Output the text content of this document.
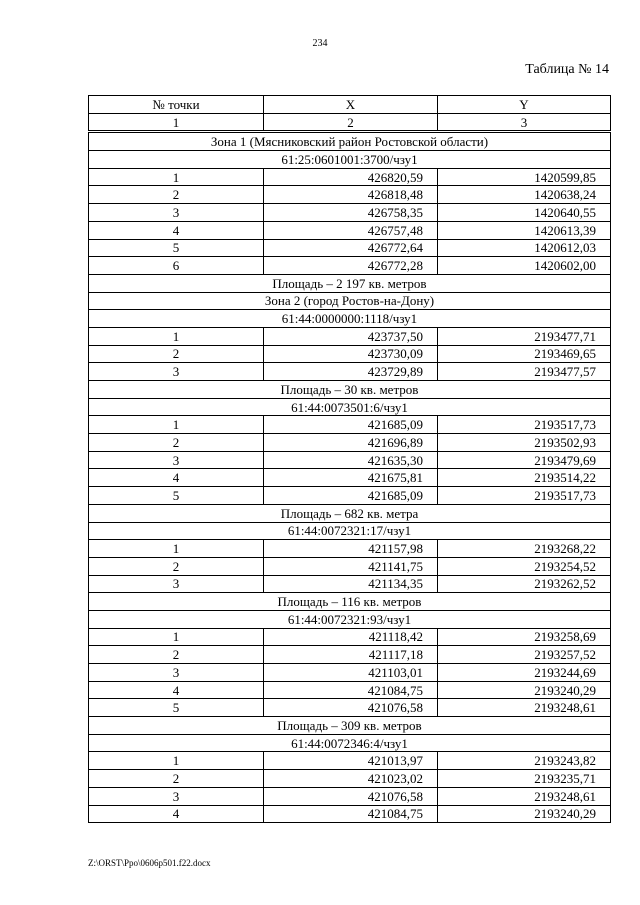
234
Таблица № 14
№ точки	X	Y
1	2	3
Зона 1 (Мясниковский район Ростовской области)		
61:25:0601001:3700/чзу1		
1	426820,59	1420599,85
2	426818,48	1420638,24
3	426758,35	1420640,55
4	426757,48	1420613,39
5	426772,64	1420612,03
6	426772,28	1420602,00
Площадь – 2 197 кв. метров		
Зона 2 (город Ростов-на-Дону)		
61:44:0000000:1118/чзу1		
1	423737,50	2193477,71
2	423730,09	2193469,65
3	423729,89	2193477,57
Площадь – 30 кв. метров		
61:44:0073501:6/чзу1		
1	421685,09	2193517,73
2	421696,89	2193502,93
3	421635,30	2193479,69
4	421675,81	2193514,22
5	421685,09	2193517,73
Площадь – 682 кв. метра		
61:44:0072321:17/чзу1		
1	421157,98	2193268,22
2	421141,75	2193254,52
3	421134,35	2193262,52
Площадь – 116 кв. метров		
61:44:0072321:93/чзу1		
1	421118,42	2193258,69
2	421117,18	2193257,52
3	421103,01	2193244,69
4	421084,75	2193240,29
5	421076,58	2193248,61
Площадь – 309 кв. метров		
61:44:0072346:4/чзу1		
1	421013,97	2193243,82
2	421023,02	2193235,71
3	421076,58	2193248,61
4	421084,75	2193240,29
Z:\ORST\Ppo\0606p501.f22.docx
